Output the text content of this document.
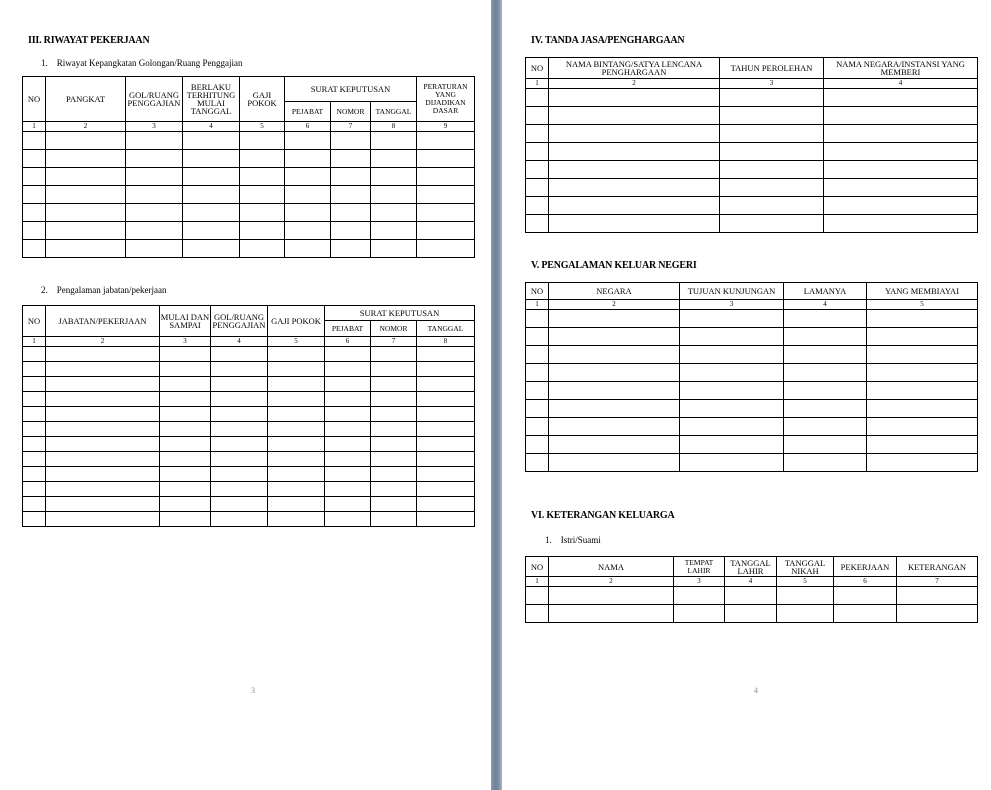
III. RIWAYAT PEKERJAAN
1.    Riwayat Kepangkatan Golongan/Ruang Penggajian
NO	PANGKAT	GOL/RUANG PENGGAJIAN	BERLAKU TERHITUNG MULAI TANGGAL	GAJI POKOK	SURAT KEPUTUSAN			PERATURAN YANG DIJADIKAN DASAR
					PEJABAT	NOMOR	TANGGAL	
1	2	3	4	5	6	7	8	9

2.    Pengalaman jabatan/pekerjaan
NO	JABATAN/PEKERJAAN	MULAI DAN SAMPAI	GOL/RUANG PENGGAJIAN	GAJI POKOK	SURAT KEPUTUSAN		
					PEJABAT	NOMOR	TANGGAL
1	2	3	4	5	6	7	8

3
IV. TANDA JASA/PENGHARGAAN
NO	NAMA BINTANG/SATYA LENCANA PENGHARGAAN	TAHUN PEROLEHAN	NAMA NEGARA/INSTANSI YANG MEMBERI
1	2	3	4

V. PENGALAMAN KELUAR NEGERI
NO	NEGARA	TUJUAN KUNJUNGAN	LAMANYA	YANG MEMBIAYAI
1	2	3	4	5

VI. KETERANGAN KELUARGA
1.    Istri/Suami
NO	NAMA	TEMPAT LAHIR	TANGGAL LAHIR	TANGGAL NIKAH	PEKERJAAN	KETERANGAN
1	2	3	4	5	6	7

4
